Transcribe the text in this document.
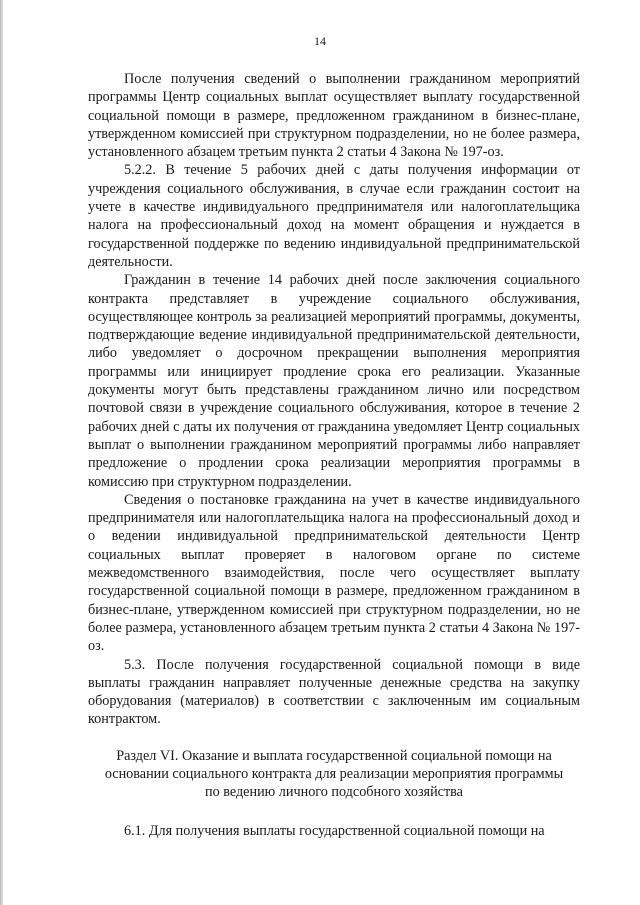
14

После получения сведений о выполнении гражданином мероприятий программы Центр социальных выплат осуществляет выплату государственной социальной помощи в размере, предложенном гражданином в бизнес-плане, утвержденном комиссией при структурном подразделении, но не более размера, установленного абзацем третьим пункта 2 статьи 4 Закона № 197-оз.

5.2.2. В течение 5 рабочих дней с даты получения информации от учреждения социального обслуживания, в случае если гражданин состоит на учете в качестве индивидуального предпринимателя или налогоплательщика налога на профессиональный доход на момент обращения и нуждается в государственной поддержке по ведению индивидуальной предпринимательской деятельности.

Гражданин в течение 14 рабочих дней после заключения социального контракта представляет в учреждение социального обслуживания, осуществляющее контроль за реализацией мероприятий программы, документы, подтверждающие ведение индивидуальной предпринимательской деятельности, либо уведомляет о досрочном прекращении выполнения мероприятия программы или инициирует продление срока его реализации. Указанные документы могут быть представлены гражданином лично или посредством почтовой связи в учреждение социального обслуживания, которое в течение 2 рабочих дней с даты их получения от гражданина уведомляет Центр социальных выплат о выполнении гражданином мероприятий программы либо направляет предложение о продлении срока реализации мероприятия программы в комиссию при структурном подразделении.

Сведения о постановке гражданина на учет в качестве индивидуального предпринимателя или налогоплательщика налога на профессиональный доход и о ведении индивидуальной предпринимательской деятельности Центр социальных выплат проверяет в налоговом органе по системе межведомственного взаимодействия, после чего осуществляет выплату государственной социальной помощи в размере, предложенном гражданином в бизнес-плане, утвержденном комиссией при структурном подразделении, но не более размера, установленного абзацем третьим пункта 2 статьи 4 Закона № 197-оз.

5.3. После получения государственной социальной помощи в виде выплаты гражданин направляет полученные денежные средства на закупку оборудования (материалов) в соответствии с заключенным им социальным контрактом.

Раздел VI. Оказание и выплата государственной социальной помощи на основании социального контракта для реализации мероприятия программы по ведению личного подсобного хозяйства

6.1. Для получения выплаты государственной социальной помощи на
